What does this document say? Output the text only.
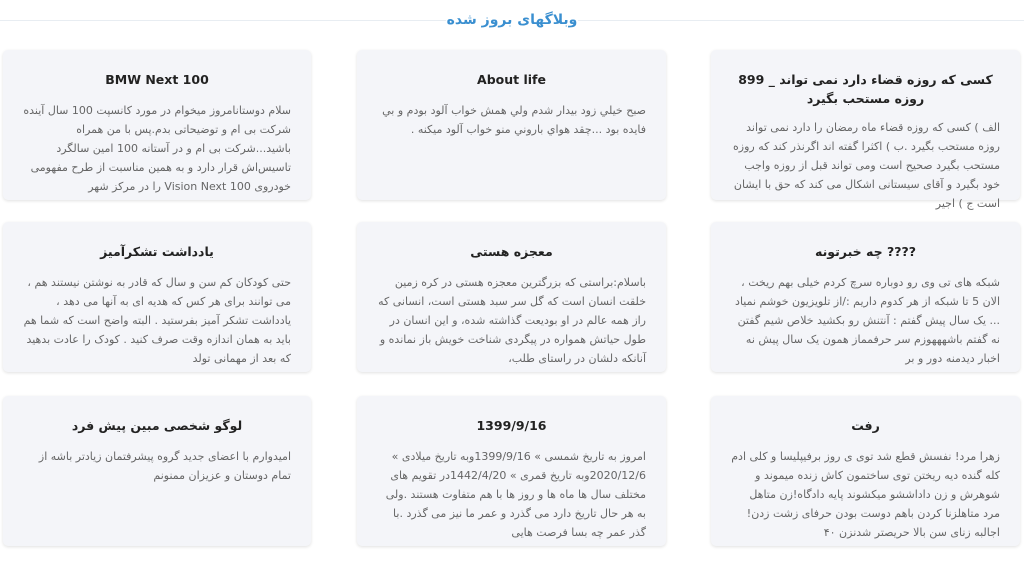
وبلاگهای بروز شده
899 _ کسی که روزه قضاء دارد نمی تواند روزه مستحب بگیرد

الف ) کسی که روزه قضاء ماه رمضان را دارد نمی تواند روزه مستحب بگیرد .ب ) اکثرا گفته اند اگرنذر کند که روزه مستحب بگیرد صحیح است ومی تواند قبل از روزه واجب خود بگیرد و آقای سیستانی اشکال می کند که حق با ایشان است ج ) اجیر

About life

صبح خيلي زود بيدار شدم ولي همش خواب آلود بودم و بي فايده بود ...چقد هواي باروني منو خواب آلود ميكنه .

BMW Next 100

سلام دوستانامروز میخوام در مورد کانسپت 100 سال آینده شرکت بی ام و توضیحاتی بدم.پس با من همراه باشید...شرکت بی ام و در آستانه 100 امین سالگرد تاسیس‌اش قرار دارد و به همین مناسبت از طرح مفهومی خودروی Vision Next 100 را در مرکز شهر

چه خبرتونه ????

شبکه های تی وی رو دوباره سرچ کردم خیلی بهم ریخت ، الان 5 تا شبکه از هر کدوم داریم :/از تلویزیون خوشم نمیاد ... یک سال پیش گفتم : آنتنش رو بکشید خلاص شیم گفتن نه گفتم باشهههوزم سر حرفمماز همون یک سال پیش نه اخبار دیدمنه دور و بر

معجزه هستی

باسلام:براستی که بزرگترین معجزه هستی در کره زمین خلقت انسان است که گل سر سبد هستی است، انسانی که راز همه عالم در او بودیعت گذاشته شده، و این انسان در طول حیاتش همواره در پیگردی شناخت خویش باز نمانده و آنانکه دلشان در راستای طلب،

یادداشت تشکرآمیز

حتی کودکان کم سن و سال که قادر به نوشتن نیستند هم ، می توانند برای هر کس که هدیه ای به آنها می دهد ، یادداشت تشکر آمیز بفرستید . البته واضح است که شما هم باید به همان اندازه وقت صرف کنید . کودک را عادت بدهید که بعد از مهمانی تولد

رفت

زهرا مرد! نفسش قطع شد توی ی روز برفیپلیسا و کلی ادم کله گنده دیه ریختن توی ساختمون کاش زنده میموند و شوهرش و زن داداششو میکشوند پایه دادگاه!زن متاهل مرد متاهلزنا کردن باهم دوست بودن حرفای زشت زدن!اجالبه زنای سن بالا حریصتر شدنزن ۴٠

1399/9/16

امروز به تاریخ شمسی » 1399/9/16وبه تاریخ میلادی » 2020/12/6وبه تاریخ قمری » 1442/4/20در تقویم های مختلف سال ها ماه ها و روز ها با هم متفاوت هستند .ولی به هر حال تاریخ دارد می گذرد و عمر ما نیز می گذرد .با گذر عمر چه بسا فرصت هایی

لوگو شخصی مبین پیش فرد

امیدوارم با اعضای جدید گروه پیشرفتمان زیادتر باشه از تمام دوستان و عزیزان ممنونم
